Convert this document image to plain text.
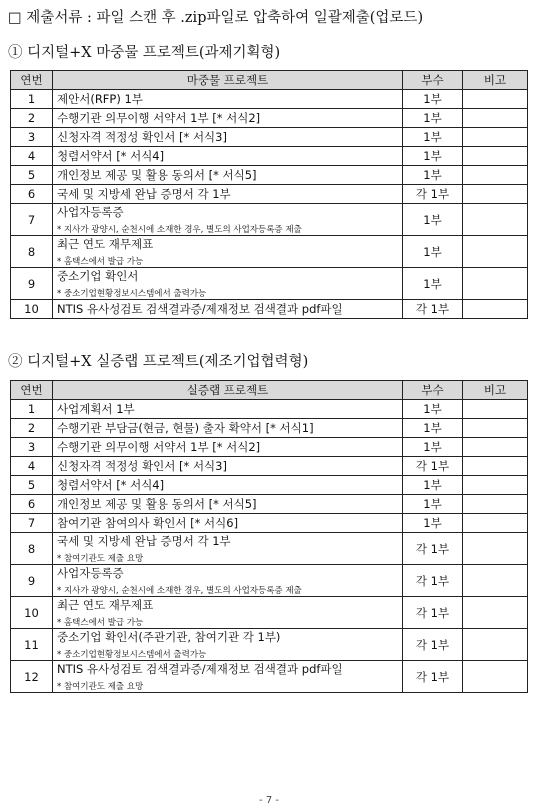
□ 제출서류 : 파일 스캔 후 .zip파일로 압축하여 일괄제출(업로드)
① 디지털+X 마중물 프로젝트(과제기획형)
연번	마중물 프로젝트	부수	비고
1	제안서(RFP) 1부	1부	
2	수행기관 의무이행 서약서 1부 [* 서식2]	1부	
3	신청자격 적정성 확인서 [* 서식3]	1부	
4	청렴서약서 [* 서식4]	1부	
5	개인정보 제공 및 활용 동의서 [* 서식5]	1부	
6	국세 및 지방세 완납 증명서 각 1부	각 1부	
7	사업자등록증
* 지사가 광양시, 순천시에 소재한 경우, 별도의 사업자등록증 제출	1부	
8	최근 연도 재무제표
* 홈택스에서 발급 가능	1부	
9	중소기업 확인서
* 중소기업현황정보시스템에서 출력가능	1부	
10	NTIS 유사성검토 검색결과증/제재정보 검색결과 pdf파일	각 1부	
② 디지털+X 실증랩 프로젝트(제조기업협력형)
연번	실증랩 프로젝트	부수	비고
1	사업계획서 1부	1부	
2	수행기관 부담금(현금, 현물) 출자 확약서 [* 서식1]	1부	
3	수행기관 의무이행 서약서 1부 [* 서식2]	1부	
4	신청자격 적정성 확인서 [* 서식3]	각 1부	
5	청렴서약서 [* 서식4]	1부	
6	개인정보 제공 및 활용 동의서 [* 서식5]	1부	
7	참여기관 참여의사 확인서 [* 서식6]	1부	
8	국세 및 지방세 완납 증명서 각 1부
* 참여기관도 제출 요망	각 1부	
9	사업자등록증
* 지사가 광양시, 순천시에 소재한 경우, 별도의 사업자등록증 제출	각 1부	
10	최근 연도 재무제표
* 홈택스에서 발급 가능	각 1부	
11	중소기업 확인서(주관기관, 참여기관 각 1부)
* 중소기업현황정보시스템에서 출력가능	각 1부	
12	NTIS 유사성검토 검색결과증/제재정보 검색결과 pdf파일
* 참여기관도 제출 요망	각 1부	
- 7 -
